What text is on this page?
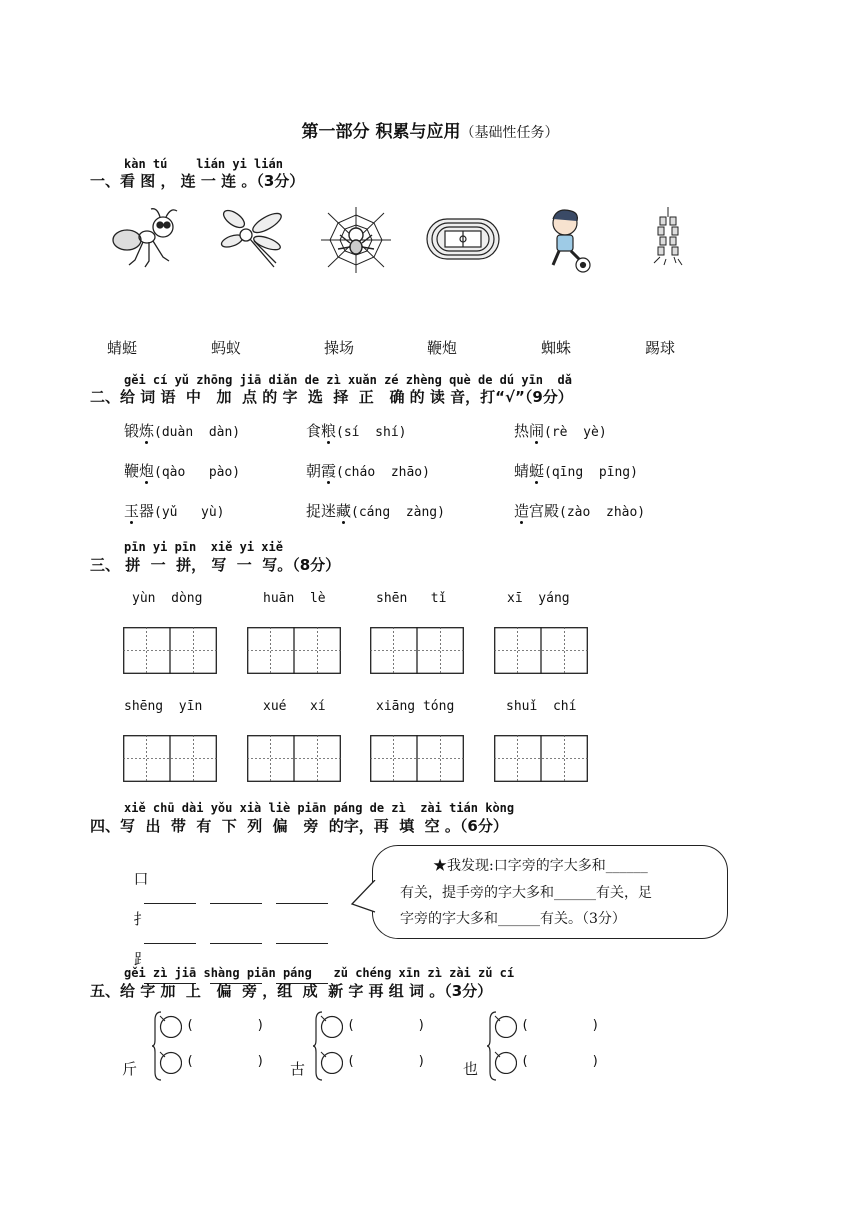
第一部分 积累与应用（基础性任务）
kàn tú    lián yi lián
一、看 图 ， 连 一 连 。（3分）
蜻蜓	蚂蚁	操场	鞭炮	蜘蛛	踢球
gěi cí yǔ zhōng jiā diǎn de zì xuǎn zé zhèng què de dú yīn  dǎ
二、给 词 语  中   加  点 的 字  选  择  正   确 的 读 音，打“√”（9分）
锻炼(duàn  dàn)	食粮(sí  shí)	热闹(rè  yè)
鞭炮(qào   pào)	朝霞(cháo  zhāo)	蜻蜓(qīng  pīng)
玉器(yǔ   yù)	捉迷藏(cáng  zàng)	造宫殿(zào  zhào)
pīn yi pīn  xiě yi xiě
三、 拼  一  拼， 写  一  写。（8分）
yùn  dòng	huān  lè	shēn   tǐ	xī  yáng
shēng  yīn	xué   xí	xiāng tóng	shuǐ  chí
xiě chū dài yǒu xià liè piān páng de zì  zài tián kòng
四、写  出  带  有  下  列  偏   旁  的字，再  填  空 。（6分）

口

扌

⻊

★我发现:口字旁的字大多和______
有关，提手旁的字大多和______有关，足
字旁的字大多和______有关。（3分）
gěi zì jiā shàng piān páng   zǔ chéng xīn zì zài zǔ cí
五、给 字 加  上   偏  旁 ，组  成  新 字 再 组 词 。（3分）
斤
(        )
(        ) 古
(        )
(        )	也
(        )
(        )
